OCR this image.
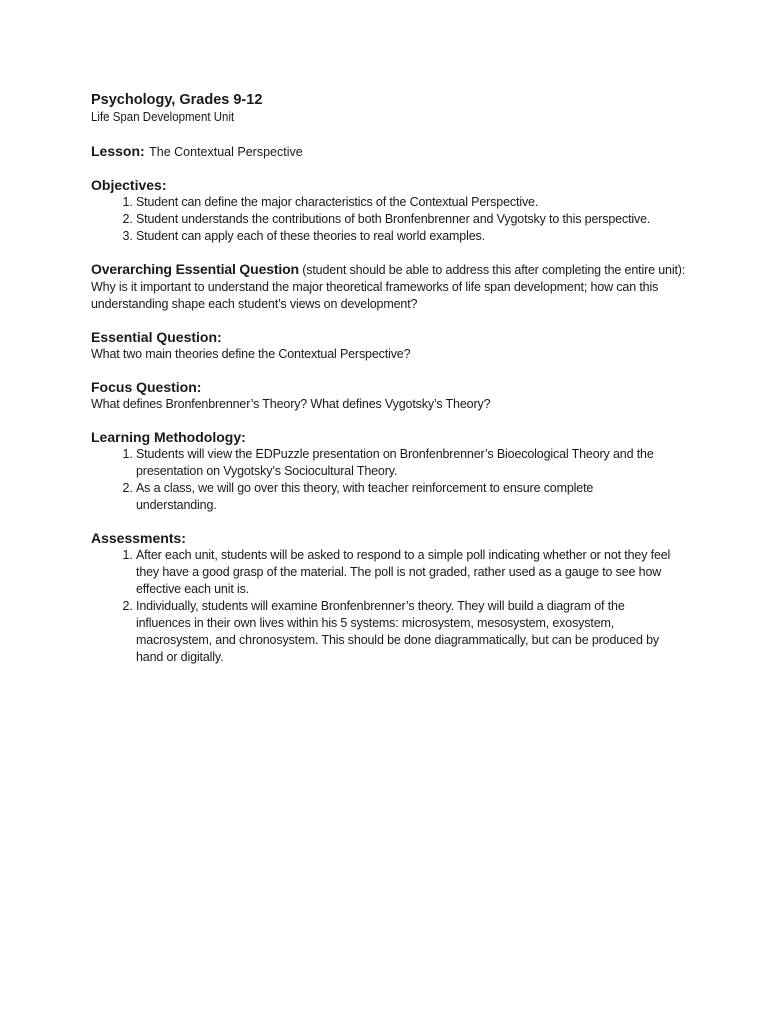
Psychology, Grades 9-12

Life Span Development Unit

Lesson: The Contextual Perspective

Objectives:

1. Student can define the major characteristics of the Contextual Perspective.
2. Student understands the contributions of both Bronfenbrenner and Vygotsky to this perspective.
3. Student can apply each of these theories to real world examples.

Overarching Essential Question (student should be able to address this after completing the entire unit):

Why is it important to understand the major theoretical frameworks of life span development; how can this understanding shape each student’s views on development?

Essential Question:

What two main theories define the Contextual Perspective?

Focus Question:

What defines Bronfenbrenner’s Theory? What defines Vygotsky’s Theory?

Learning Methodology:

1. Students will view the EDPuzzle presentation on Bronfenbrenner’s Bioecological Theory and the presentation on Vygotsky’s Sociocultural Theory.
2. As a class, we will go over this theory, with teacher reinforcement to ensure complete understanding.

Assessments:

1. After each unit, students will be asked to respond to a simple poll indicating whether or not they feel they have a good grasp of the material. The poll is not graded, rather used as a gauge to see how effective each unit is.
2. Individually, students will examine Bronfenbrenner’s theory. They will build a diagram of the influences in their own lives within his 5 systems: microsystem, mesosystem, exosystem, macrosystem, and chronosystem. This should be done diagrammatically, but can be produced by hand or digitally.
